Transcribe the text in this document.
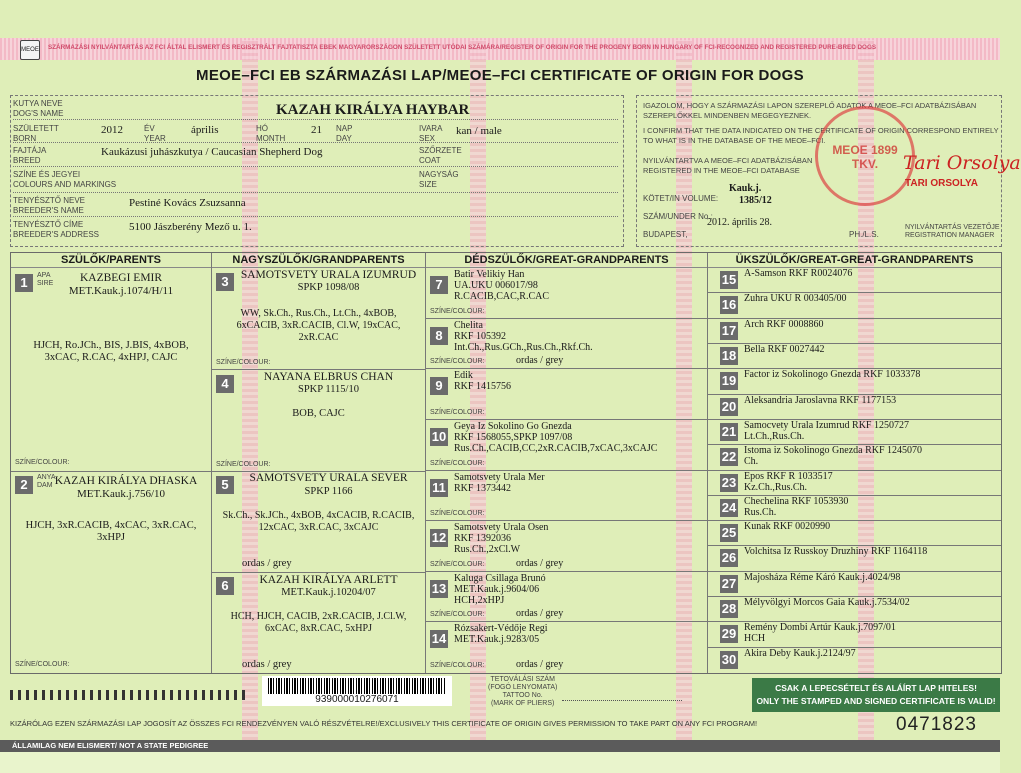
MEOE SZÁRMAZÁSI NYILVÁNTARTÁS AZ FCI ÁLTAL ELISMERT ÉS REGISZTRÁLT FAJTATISZTA EBEK MAGYARORSZÁGON SZÜLETETT UTÓDAI SZÁMÁRA/REGISTER OF ORIGIN FOR THE PROGENY BORN IN HUNGARY OF FCI-RECOGNIZED AND REGISTERED PURE-BRED DOGS
MEOE–FCI EB SZÁRMAZÁSI LAP/MEOE–FCI CERTIFICATE OF ORIGIN FOR DOGS
KUTYA NEVE
DOG'S NAME	KAZAH KIRÁLYA HAYBAR
SZÜLETETT
BORN
2012	ÉV
YEAR
április	HÓ
MONTH
21 NAP
DAY
IVARA
SEX
kan / male
FAJTÁJA
BREED
Kaukázusi juhászkutya / Caucasian Shepherd Dog	SZŐRZETE
COAT
SZÍNE ÉS JEGYEI
COLOURS AND MARKINGS
NAGYSÁG
SIZE
TENYÉSZTŐ NEVE
BREEDER'S NAME
Pestiné Kovács Zsuzsanna
TENYÉSZTŐ CÍME
BREEDER'S ADDRESS
5100 Jászberény Mező u. 1.
IGAZOLOM, HOGY A SZÁRMAZÁSI LAPON SZEREPLŐ ADATOK A MEOE–FCI ADATBÁZISÁBAN SZEREPLŐKKEL MINDENBEN MEGEGYEZNEK.
I CONFIRM THAT THE DATA INDICATED ON THE CERTIFICATE OF ORIGIN CORRESPOND ENTIRELY TO WHAT IS IN THE DATABASE OF THE MEOE–FCI.
NYILVÁNTARTVA A MEOE–FCI ADATBÁZISÁBAN
REGISTERED IN THE MEOE–FCI DATABASE
Kauk.j.
KÖTET/IN VOLUME: 1385/12
SZÁM/UNDER No.:
2012. április 28.
BUDAPEST,	PH./L.S.
MEOE 1899 TKV.	Tari Orsolya
TARI ORSOLYA
NYILVÁNTARTÁS VEZETŐJE
REGISTRATION MANAGER
SZÜLŐK/PARENTS	NAGYSZÜLŐK/GRANDPARENTS	DÉDSZÜLŐK/GREAT-GRANDPARENTS	ÜKSZÜLŐK/GREAT-GREAT-GRANDPARENTS
1	APA
SIRE	KAZBEGI EMIR
MET.Kauk.j.1074/H/11
HJCH, Ro.JCh., BIS, J.BIS, 4xBOB,
3xCAC, R.CAC, 4xHPJ, CAJC
SZÍNE/COLOUR:
2	ANYA
DAM KAZAH KIRÁLYA DHASKA
MET.Kauk.j.756/10
HJCH, 3xR.CACIB, 4xCAC, 3xR.CAC,
3xHPJ
SZÍNE/COLOUR:
3	SAMOTSVETY URALA IZUMRUD
SPKP 1098/08
WW, Sk.Ch., Rus.Ch., Lt.Ch., 4xBOB,
6xCACIB, 3xR.CACIB, Cl.W, 19xCAC,
2xR.CAC
SZÍNE/COLOUR:
4	NAYANA ELBRUS CHAN
SPKP 1115/10
BOB, CAJC
SZÍNE/COLOUR:
5	SAMOTSVETY URALA SEVER
SPKP 1166
Sk.Ch., Sk.JCh., 4xBOB, 4xCACIB, R.CACIB,
12xCAC, 3xR.CAC, 3xCAJC
ordas / grey
6	KAZAH KIRÁLYA ARLETT
MET.Kauk.j.10204/07
HCH, HJCH, CACIB, 2xR.CACIB, J.Cl.W,
6xCAC, 8xR.CAC, 5xHPJ
ordas / grey
7
Batir Velikiy Han
UA.UKU 006017/98
R.CACIB,CAC,R.CAC
SZÍNE/COLOUR:
8
Chelita
RKF 105392
Int.Ch.,Rus.GCh.,Rus.Ch.,Rkf.Ch.
SZÍNE/COLOUR:	ordas / grey
9
Edik
RKF 1415756
SZÍNE/COLOUR:
10
Geya Iz Sokolino Go Gnezda
RKF 1568055,SPKP 1097/08
Rus.Ch.,CACIB,CC,2xR.CACIB,7xCAC,3xCAJC
SZÍNE/COLOUR:
11
Samotsvety Urala Mer
RKF 1373442
SZÍNE/COLOUR:
12
Samotsvety Urala Osen
RKF 1392036
Rus.Ch.,2xCl.W
SZÍNE/COLOUR:	ordas / grey
13
Kaluga Csillaga Brunó
MET.Kauk.j.9604/06
HCH,2xHPJ
SZÍNE/COLOUR:	ordas / grey
14
Rózsakert-Védője Regi
MET.Kauk.j.9283/05
SZÍNE/COLOUR:	ordas / grey
15 A-Samson RKF R0024076
16 Zuhra UKU R 003405/00
17 Arch RKF 0008860
18 Bella RKF 0027442
19 Factor iz Sokolinogo Gnezda RKF 1033378
20 Aleksandria Jaroslavna RKF 1177153
21 Samocvety Urala Izumrud RKF 1250727
Lt.Ch.,Rus.Ch.
22 Istoma iz Sokolinogo Gnezda RKF 1245070
Ch.
23 Epos RKF R 1033517
Kz.Ch.,Rus.Ch.
24 Chechelina RKF 1053930
Rus.Ch.
25 Kunak RKF 0020990
26 Volchitsa Iz Russkoy Druzhiny RKF 1164118
27 Majosháza Réme Káró Kauk.j.4024/98
28 Mélyvölgyi Morcos Gaia Kauk.j.7534/02
29 Remény Dombi Artúr Kauk.j.7097/01
HCH
30 Akira Deby Kauk.j.2124/97
939000010276071
TETOVÁLÁSI SZÁM
(FOGÓ LENYOMATA)
TATTOO No.
(MARK OF PLIERS)
CSAK A LEPECSÉTELT ÉS ALÁÍRT LAP HITELES!
ONLY THE STAMPED AND SIGNED CERTIFICATE IS VALID!
KIZÁRÓLAG EZEN SZÁRMAZÁSI LAP JOGOSÍT AZ ÖSSZES FCI RENDEZVÉNYEN VALÓ RÉSZVÉTELRE!/EXCLUSIVELY THIS CERTIFICATE OF ORIGIN GIVES PERMISSION TO TAKE PART ON ANY FCI PROGRAM!	0471823
ÁLLAMILAG NEM ELISMERT/ NOT A STATE PEDIGREE
